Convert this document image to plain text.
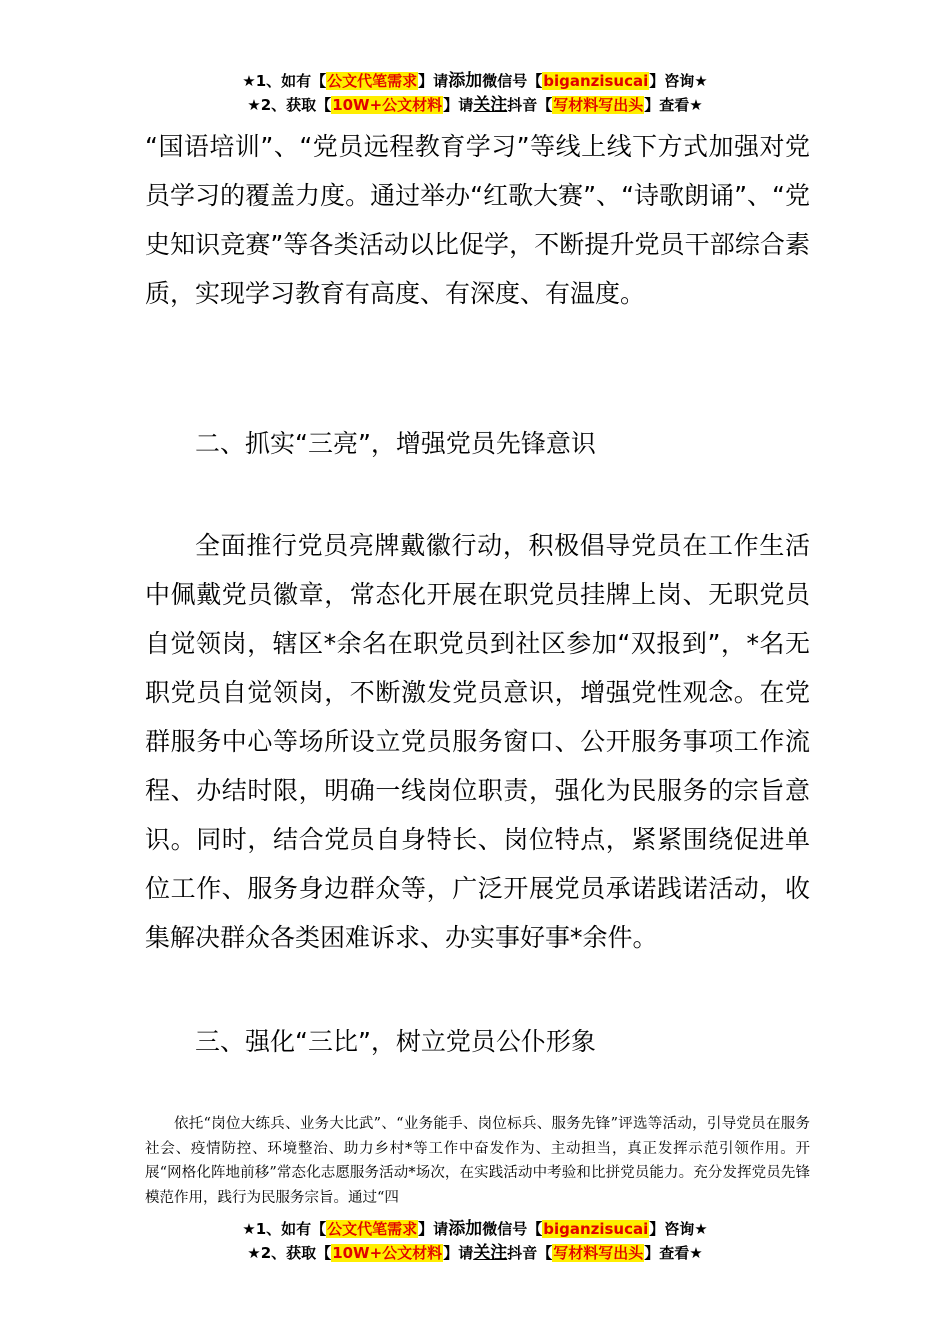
★1、如有【公文代笔需求】请添加微信号【biganzisucai】咨询★
★2、获取【10W+公文材料】请关注抖音【写材料写出头】查看★
“国语培训”、“党员远程教育学习”等线上线下方式加强对党员学习的覆盖力度。通过举办“红歌大赛”、“诗歌朗诵”、“党史知识竞赛”等各类活动以比促学，不断提升党员干部综合素质，实现学习教育有高度、有深度、有温度。
二、抓实“三亮”，增强党员先锋意识
全面推行党员亮牌戴徽行动，积极倡导党员在工作生活中佩戴党员徽章，常态化开展在职党员挂牌上岗、无职党员自觉领岗，辖区*余名在职党员到社区参加“双报到”，*名无职党员自觉领岗，不断激发党员意识，增强党性观念。在党群服务中心等场所设立党员服务窗口、公开服务事项工作流程、办结时限，明确一线岗位职责，强化为民服务的宗旨意识。同时，结合党员自身特长、岗位特点，紧紧围绕促进单位工作、服务身边群众等，广泛开展党员承诺践诺活动，收集解决群众各类困难诉求、办实事好事*余件。
三、强化“三比”，树立党员公仆形象
依托“岗位大练兵、业务大比武”、“业务能手、岗位标兵、服务先锋”评选等活动，引导党员在服务社会、疫情防控、环境整治、助力乡村*等工作中奋发作为、主动担当，真正发挥示范引领作用。开展“网格化阵地前移”常态化志愿服务活动*场次，在实践活动中考验和比拼党员能力。充分发挥党员先锋模范作用，践行为民服务宗旨。通过“四
★1、如有【公文代笔需求】请添加微信号【biganzisucai】咨询★
★2、获取【10W+公文材料】请关注抖音【写材料写出头】查看★
